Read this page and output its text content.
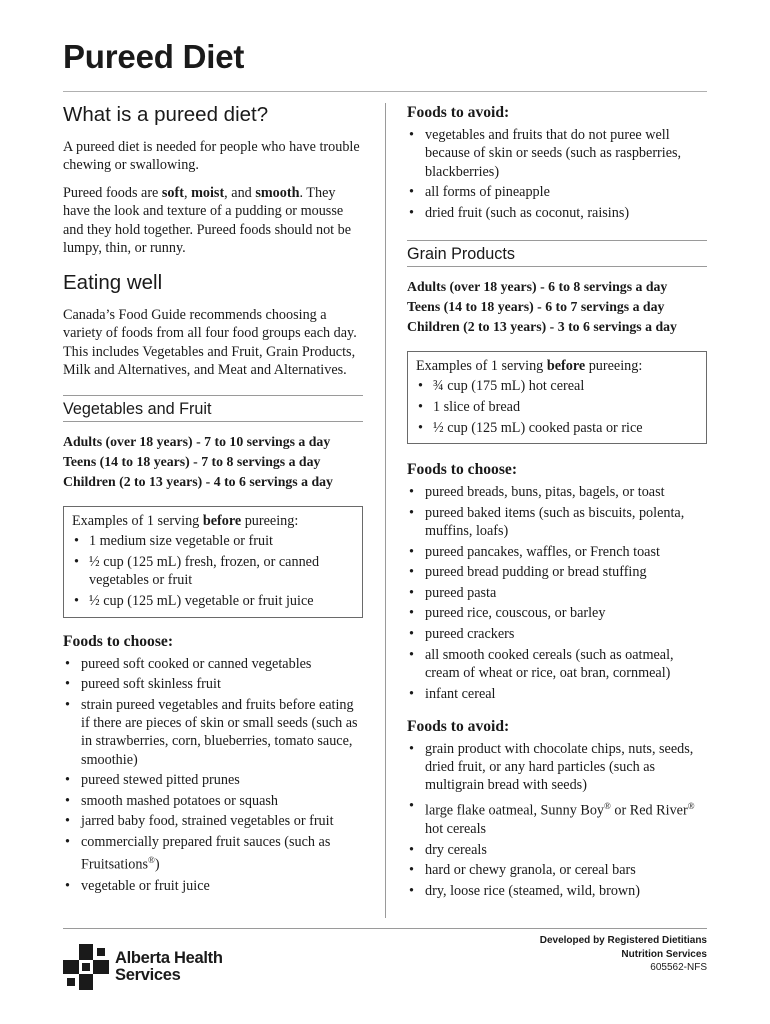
Pureed Diet
What is a pureed diet?

A pureed diet is needed for people who have trouble chewing or swallowing.

Pureed foods are soft, moist, and smooth. They have the look and texture of a pudding or mousse and they hold together. Pureed foods should not be lumpy, thin, or runny.

Eating well

Canada’s Food Guide recommends choosing a variety of foods from all four food groups each day. This includes Vegetables and Fruit, Grain Products, Milk and Alternatives, and Meat and Alternatives.

Vegetables and Fruit
Adults (over 18 years) - 7 to 10 servings a day
Teens (14 to 18 years) - 7 to 8 servings a day
Children (2 to 13 years) - 4 to 6 servings a day
Examples of 1 serving before pureeing:
• 1 medium size vegetable or fruit
• ½ cup (125 mL) fresh, frozen, or canned vegetables or fruit
• ½ cup (125 mL) vegetable or fruit juice
Foods to choose:
• pureed soft cooked or canned vegetables
• pureed soft skinless fruit
• strain pureed vegetables and fruits before eating if there are pieces of skin or small seeds (such as in strawberries, corn, blueberries, tomato sauce, smoothie)
• pureed stewed pitted prunes
• smooth mashed potatoes or squash
• jarred baby food, strained vegetables or fruit
• commercially prepared fruit sauces (such as Fruitsations®)
• vegetable or fruit juice
Foods to avoid:
• vegetables and fruits that do not puree well because of skin or seeds (such as raspberries, blackberries)
• all forms of pineapple
• dried fruit (such as coconut, raisins)
Grain Products
Adults (over 18 years) - 6 to 8 servings a day
Teens (14 to 18 years) - 6 to 7 servings a day
Children (2 to 13 years) - 3 to 6 servings a day
Examples of 1 serving before pureeing:
• ¾ cup (175 mL) hot cereal
• 1 slice of bread
• ½ cup (125 mL) cooked pasta or rice
Foods to choose:
• pureed breads, buns, pitas, bagels, or toast
• pureed baked items (such as biscuits, polenta, muffins, loafs)
• pureed pancakes, waffles, or French toast
• pureed bread pudding or bread stuffing
• pureed pasta
• pureed rice, couscous, or barley
• pureed crackers
• all smooth cooked cereals (such as oatmeal, cream of wheat or rice, oat bran, cornmeal)
• infant cereal
Foods to avoid:
• grain product with chocolate chips, nuts, seeds, dried fruit, or any hard particles (such as multigrain bread with seeds)
• large flake oatmeal, Sunny Boy® or Red River® hot cereals
• dry cereals
• hard or chewy granola, or cereal bars
• dry, loose rice (steamed, wild, brown)
Alberta Health
Services
Developed by Registered Dietitians
Nutrition Services
605562-NFS
